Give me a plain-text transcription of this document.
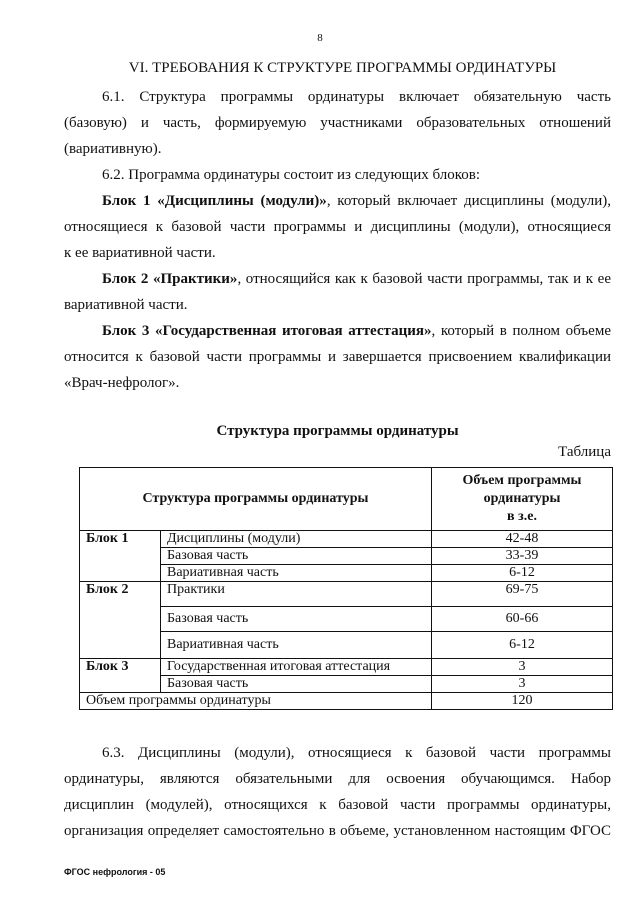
8
VI. ТРЕБОВАНИЯ К СТРУКТУРЕ ПРОГРАММЫ ОРДИНАТУРЫ
6.1. Структура программы ординатуры включает обязательную часть
(базовую) и часть, формируемую участниками образовательных отношений
(вариативную).
6.2. Программа ординатуры состоит из следующих блоков:
Блок 1 «Дисциплины (модули)», который включает дисциплины (модули),
относящиеся к базовой части программы и дисциплины (модули), относящиеся
к ее вариативной части.
Блок 2 «Практики», относящийся как к базовой части программы, так и к ее
вариативной части.
Блок 3 «Государственная итоговая аттестация», который в полном объеме
относится к базовой части программы и завершается присвоением квалификации
«Врач-нефролог».
Структура программы ординатуры
Таблица
Структура программы ординатуры		Объем программы
ординатуры
в з.е.

Блок 1	Дисциплины (модули)	42-48
	Базовая часть	33-39
	Вариативная часть	6-12
Блок 2	Практики	69-75
	Базовая часть	60-66
	Вариативная часть	6-12
Блок 3	Государственная итоговая аттестация	3
	Базовая часть	3
Объем программы ординатуры		120
6.3. Дисциплины (модули), относящиеся к базовой части программы
ординатуры, являются обязательными для освоения обучающимся. Набор
дисциплин (модулей), относящихся к базовой части программы ординатуры,
организация определяет самостоятельно в объеме, установленном настоящим ФГОС
ФГОС нефрология - 05
